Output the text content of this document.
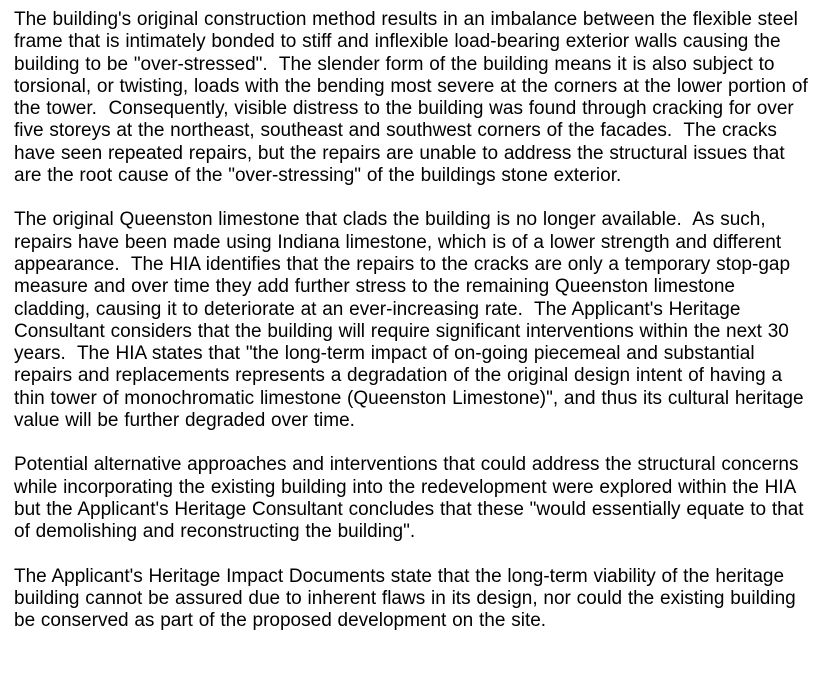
The building's original construction method results in an imbalance between the flexible steel frame that is intimately bonded to stiff and inflexible load-bearing exterior walls causing the building to be "over-stressed".  The slender form of the building means it is also subject to torsional, or twisting, loads with the bending most severe at the corners at the lower portion of the tower.  Consequently, visible distress to the building was found through cracking for over five storeys at the northeast, southeast and southwest corners of the facades.  The cracks have seen repeated repairs, but the repairs are unable to address the structural issues that are the root cause of the "over-stressing" of the buildings stone exterior.

The original Queenston limestone that clads the building is no longer available.  As such, repairs have been made using Indiana limestone, which is of a lower strength and different appearance.  The HIA identifies that the repairs to the cracks are only a temporary stop-gap measure and over time they add further stress to the remaining Queenston limestone cladding, causing it to deteriorate at an ever-increasing rate.  The Applicant's Heritage Consultant considers that the building will require significant interventions within the next 30 years.  The HIA states that "the long-term impact of on-going piecemeal and substantial repairs and replacements represents a degradation of the original design intent of having a thin tower of monochromatic limestone (Queenston Limestone)", and thus its cultural heritage value will be further degraded over time.

Potential alternative approaches and interventions that could address the structural concerns while incorporating the existing building into the redevelopment were explored within the HIA but the Applicant's Heritage Consultant concludes that these "would essentially equate to that of demolishing and reconstructing the building".

The Applicant's Heritage Impact Documents state that the long-term viability of the heritage building cannot be assured due to inherent flaws in its design, nor could the existing building be conserved as part of the proposed development on the site.
